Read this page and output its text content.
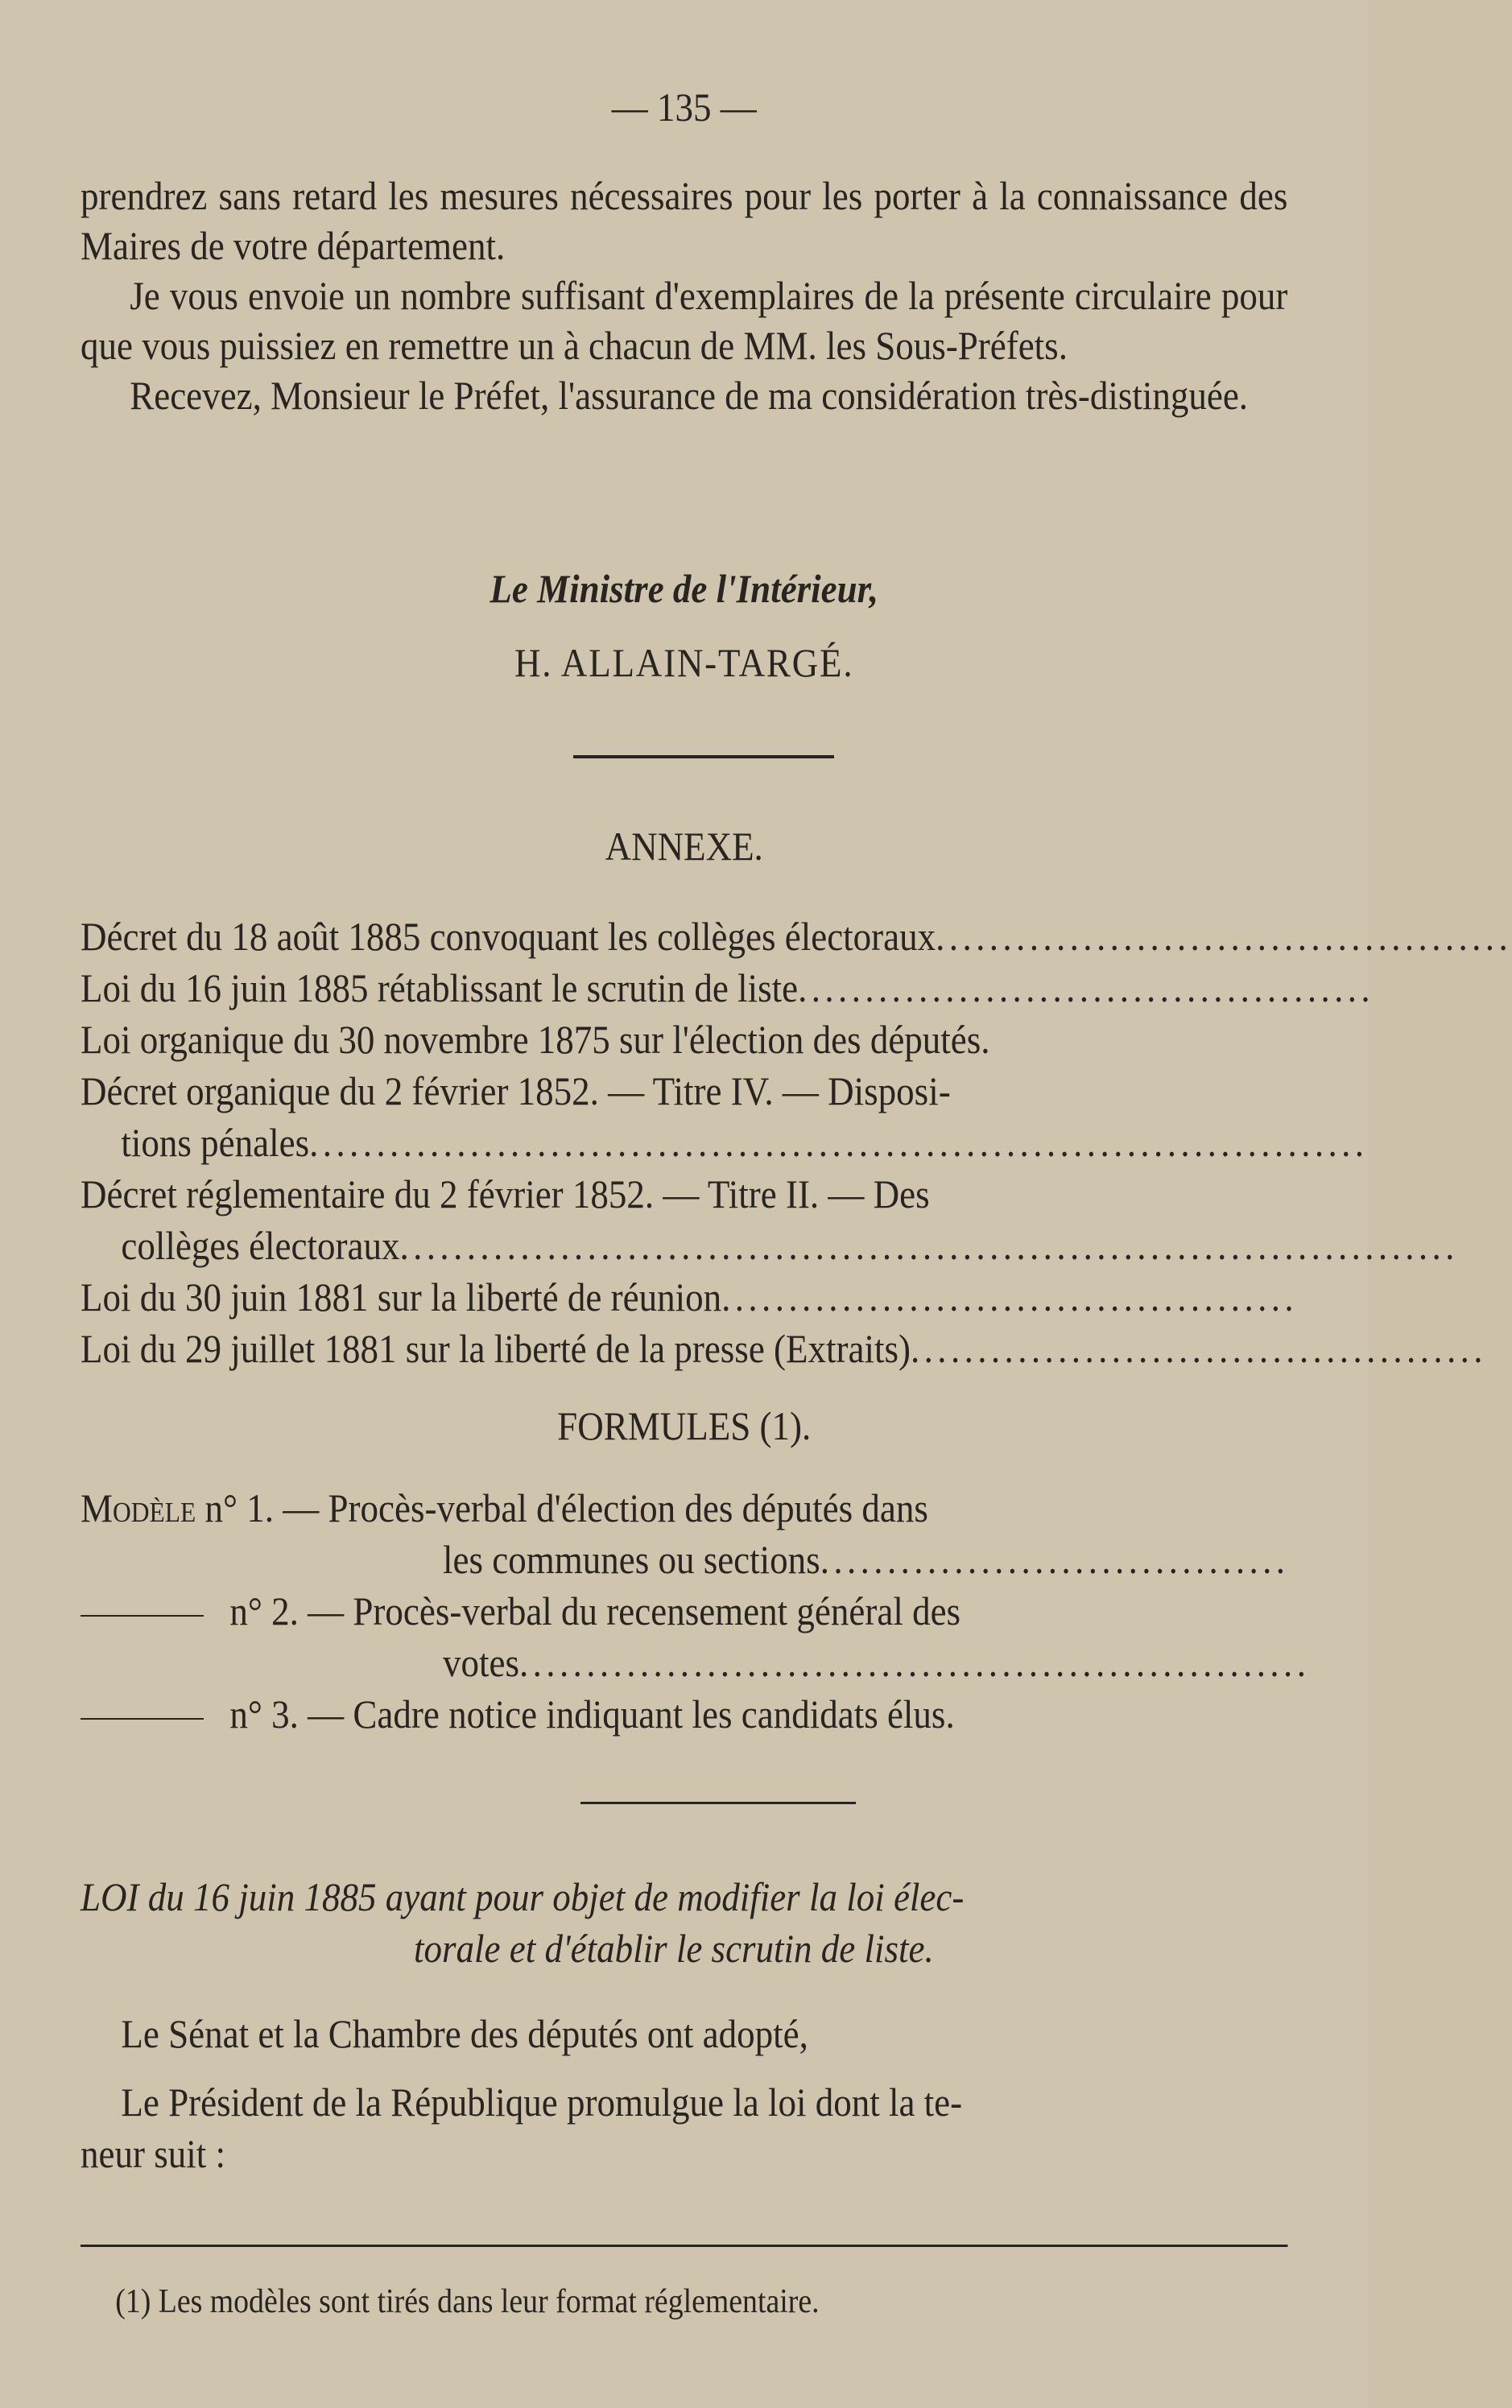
— 135 —

prendrez sans retard les mesures nécessaires pour les porter à la connaissance des Maires de votre département.

Je vous envoie un nombre suffisant d'exemplaires de la présente circulaire pour que vous puissiez en remettre un à chacun de MM. les Sous-Préfets.

Recevez, Monsieur le Préfet, l'assurance de ma considération très-distinguée.

Le Ministre de l'Intérieur,
H. ALLAIN-TARGÉ.
ANNEXE.
Décret du 18 août 1885 convoquant les collèges électoraux ...........................................
Loi du 16 juin 1885 rétablissant le scrutin de liste ...........................................
Loi organique du 30 novembre 1875 sur l'élection des députés.
Décret organique du 2 février 1852. — Titre IV. — Disposi-
tions pénales ...............................................................................
Décret réglementaire du 2 février 1852. — Titre II. — Des
collèges électoraux ...............................................................................
Loi du 30 juin 1881 sur la liberté de réunion ...........................................
Loi du 29 juillet 1881 sur la liberté de la presse (Extraits) ...........................................
FORMULES (1).
Modèle n° 1. — Procès-verbal d'élection des députés dans
les communes ou sections ...................................
n° 2. — Procès-verbal du recensement général des
votes ...........................................................
n° 3. — Cadre notice indiquant les candidats élus.
LOI du 16 juin 1885 ayant pour objet de modifier la loi élec-
torale et d'établir le scrutin de liste.
Le Sénat et la Chambre des députés ont adopté,
Le Président de la République promulgue la loi dont la te-
neur suit :
(1) Les modèles sont tirés dans leur format réglementaire.
